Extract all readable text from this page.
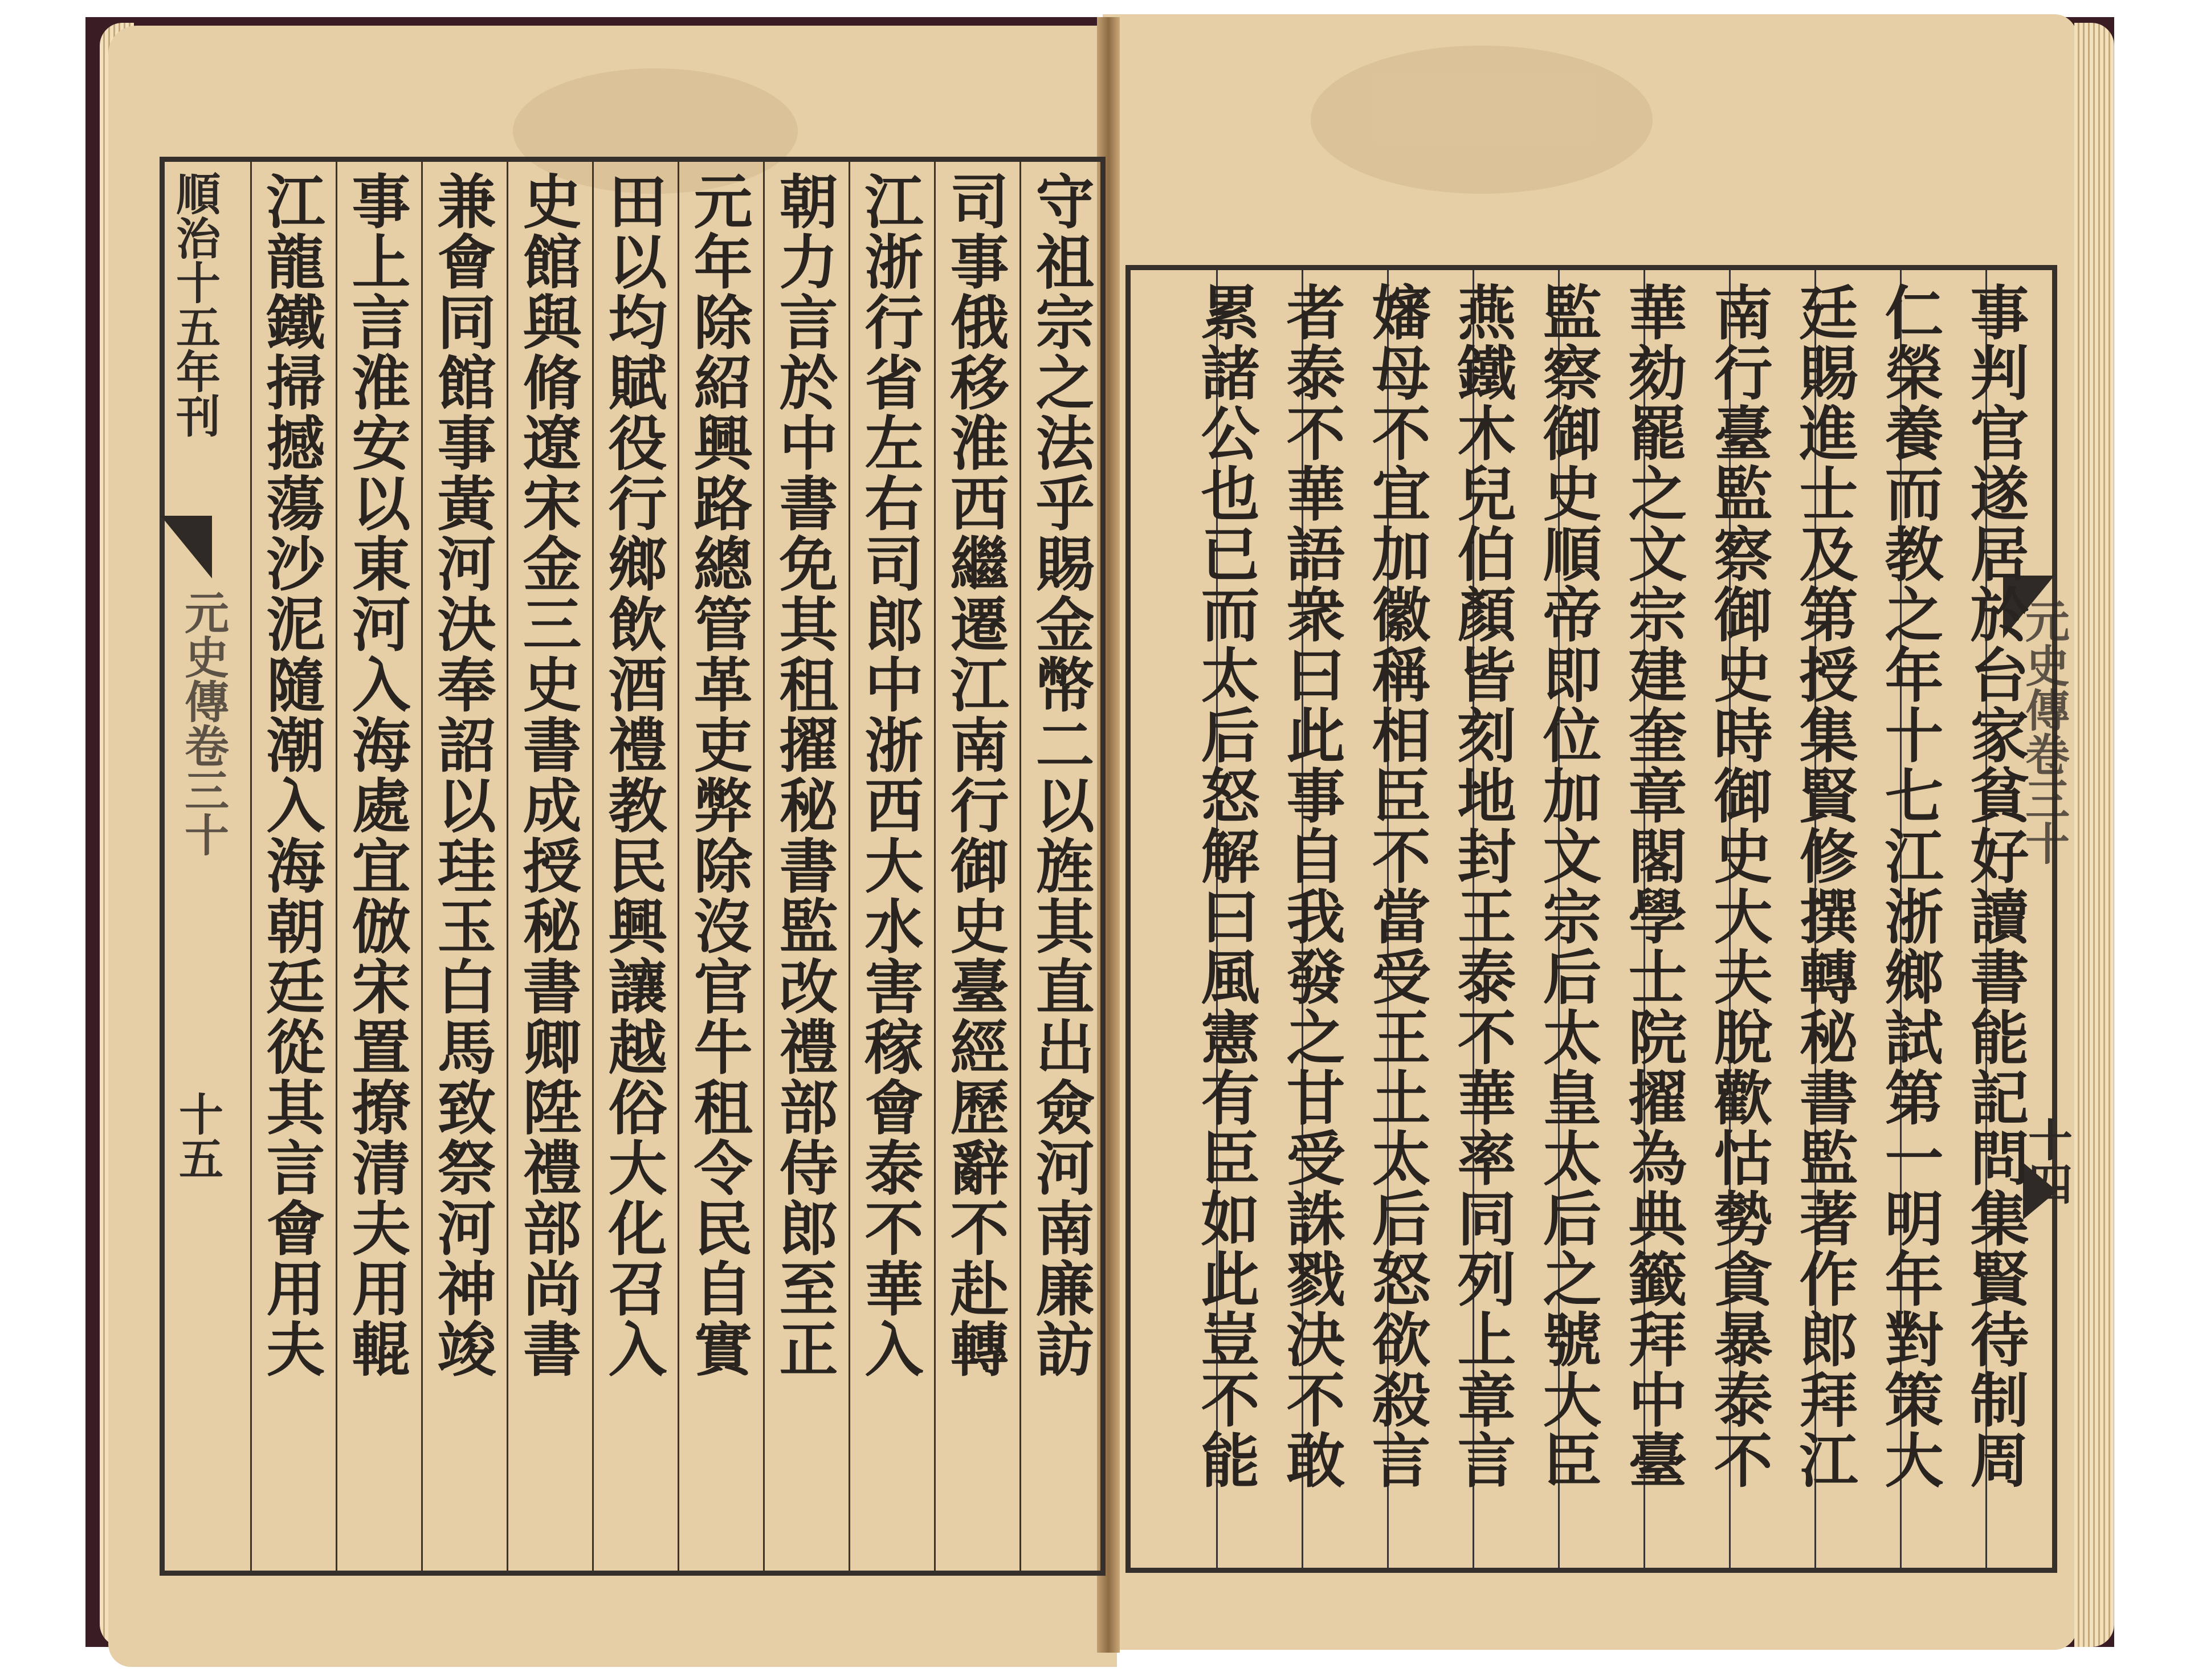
順治十五年刊
元史傳卷三十
十五	守祖宗之法乎賜金幣二以旌其直出僉河南廉訪
司事俄移淮西繼遷江南行御史臺經歷辭不赴轉
江浙行省左右司郎中浙西大水害稼會泰不華入
朝力言於中書免其租擢秘書監改禮部侍郎至正
元年除紹興路總管革吏弊除沒官牛租令民自實
田以均賦役行鄉飲酒禮教民興讓越俗大化召入
史館與脩遼宋金三史書成授秘書卿陞禮部尚書
兼會同館事黃河決奉詔以珪玉白馬致祭河神竣
事上言淮安以東河入海處宜倣宋置撩清夫用輥
江龍鐵掃撼蕩沙泥隨潮入海朝廷從其言會用夫	元史傳卷三十
十四
事判官遂居於台家貧好讀書能記問集賢待制周
仁榮養而教之年十七江浙鄉試第一明年對策大
廷賜進士及第授集賢修撰轉秘書監著作郎拜江
南行臺監察御史時御史大夫脫歡怙勢貪暴泰不
華劾罷之文宗建奎章閣學士院擢為典籤拜中臺
監察御史順帝即位加文宗后太皇太后之號大臣
燕鐵木兒伯顏皆刻地封王泰不華率同列上章言
嬸母不宜加徽稱相臣不當受王土太后怒欲殺言
者泰不華語衆曰此事自我發之甘受誅戮決不敢
累諸公也已而太后怒解曰風憲有臣如此豈不能
